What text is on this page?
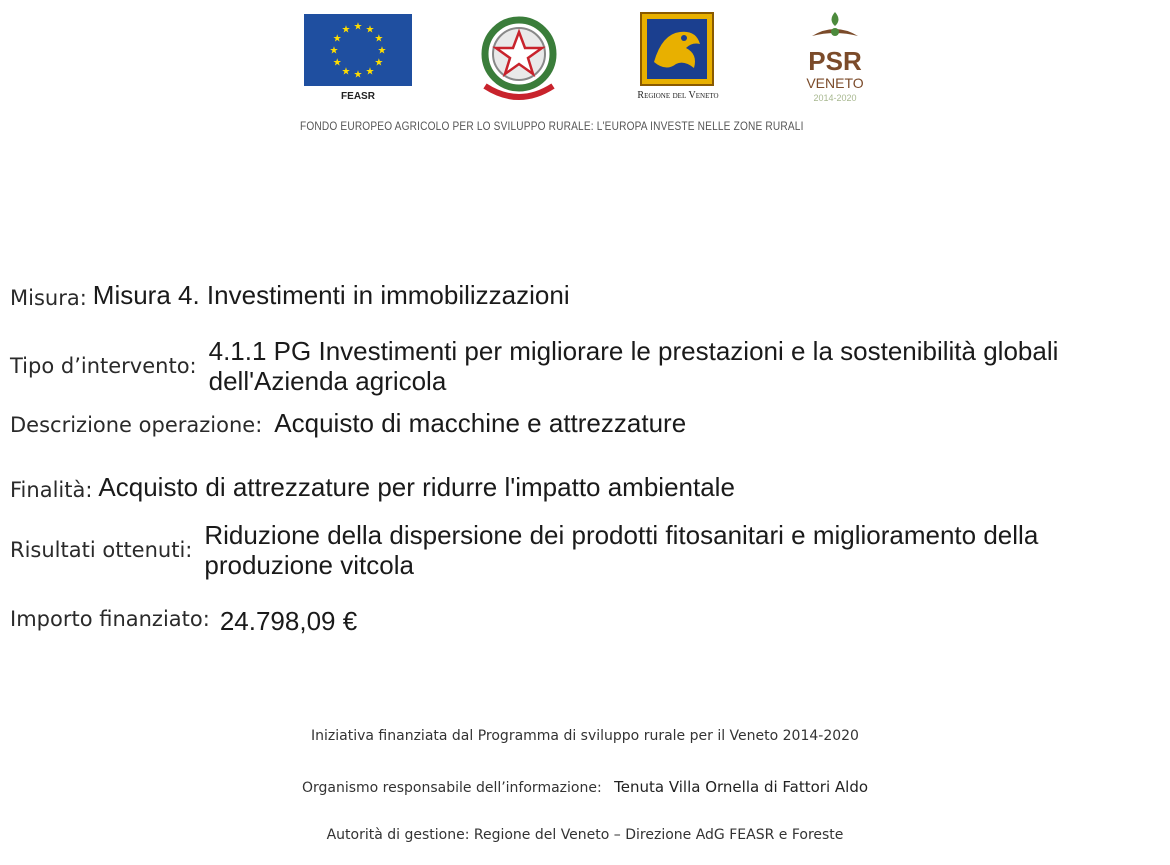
★ ★
★
★
★
★
★
★
★
★
★
★
FEASR	Regione del Veneto
PSR
VENETO
2014-2020
FONDO EUROPEO AGRICOLO PER LO SVILUPPO RURALE: L'EUROPA INVESTE NELLE ZONE RURALI
Misura: Misura 4. Investimenti in immobilizzazioni
Tipo d’intervento: 4.1.1 PG Investimenti per migliorare le prestazioni e la sostenibilità globali dell'Azienda agricola
Descrizione operazione: Acquisto di macchine e attrezzature
Finalità: Acquisto di attrezzature per ridurre l'impatto ambientale
Risultati ottenuti: Riduzione della dispersione dei prodotti fitosanitari e miglioramento della produzione vitcola
Importo finanziato: 24.798,09 €
Iniziativa finanziata dal Programma di sviluppo rurale per il Veneto 2014-2020
Organismo responsabile dell’informazione: Tenuta Villa Ornella di Fattori Aldo
Autorità di gestione: Regione del Veneto – Direzione AdG FEASR e Foreste
